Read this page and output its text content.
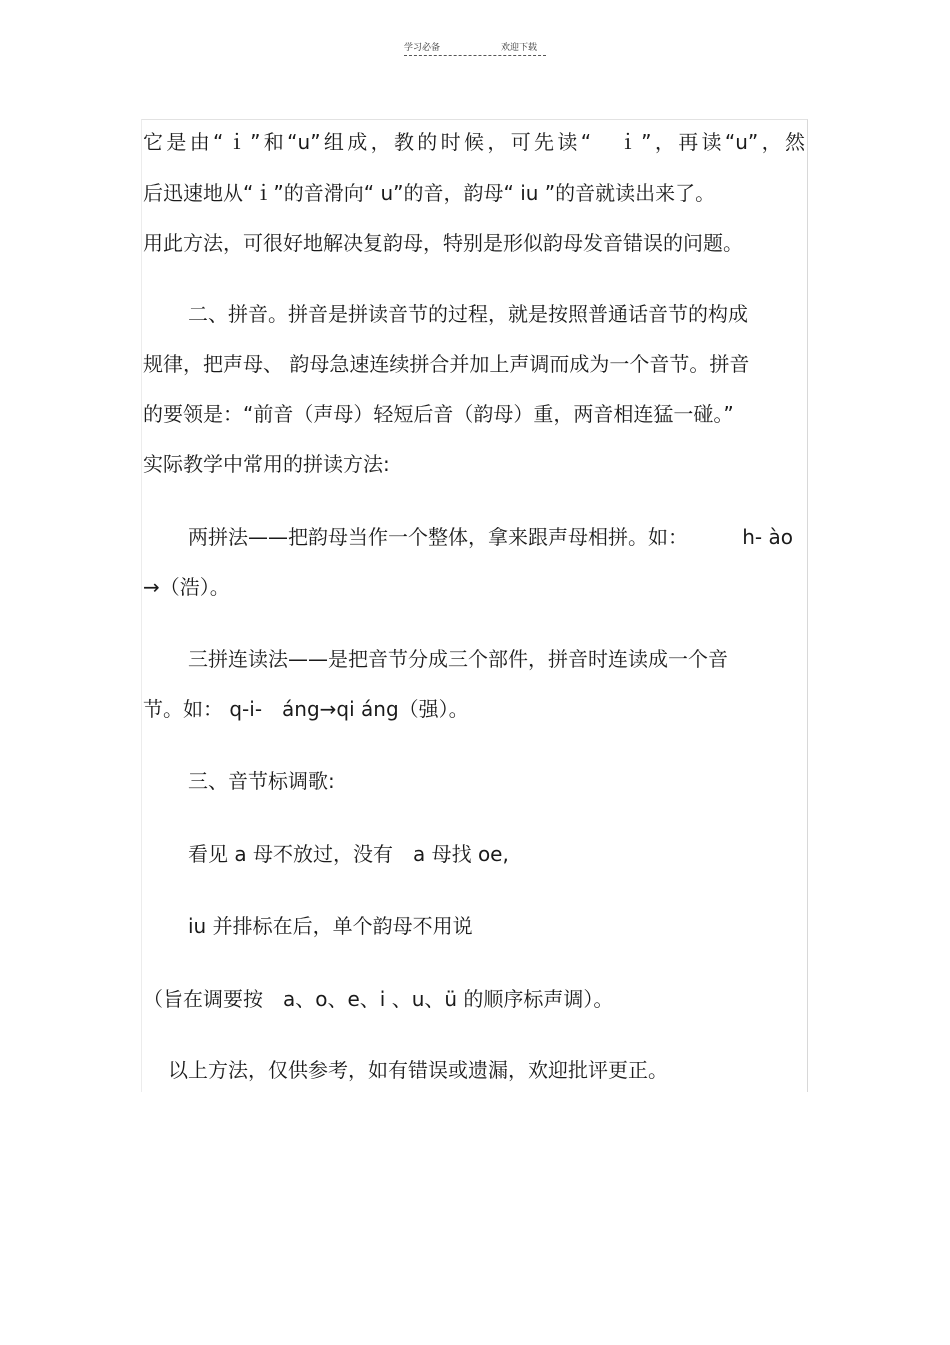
学习必备	欢迎下载
它是由“ｉ”和“u”组成，教的时候，可先读“　ｉ”，再读“u”，然
后迅速地从“ｉ”的音滑向“ u”的音，韵母“ iu ”的音就读出来了。
用此方法，可很好地解决复韵母，特别是形似韵母发音错误的问题。
二、拼音。拼音是拼读音节的过程，就是按照普通话音节的构成
规律，把声母、 韵母急速连续拼合并加上声调而成为一个音节。拼音
的要领是：“前音（声母）轻短后音（韵母）重，两音相连猛一碰。”
实际教学中常用的拼读方法:
两拼法——把韵母当作一个整体，拿来跟声母相拼。如：	h- ào
→（浩）。
三拼连读法——是把音节分成三个部件，拼音时连读成一个音
节。如： q-i-　áng→qi áng（强）。
三、音节标调歌:
看见 a 母不放过，没有　a 母找 oe,
iu 并排标在后，单个韵母不用说
（旨在调要按　a、o、e、i 、u、ü 的顺序标声调）。
以上方法，仅供参考，如有错误或遗漏，欢迎批评更正。
